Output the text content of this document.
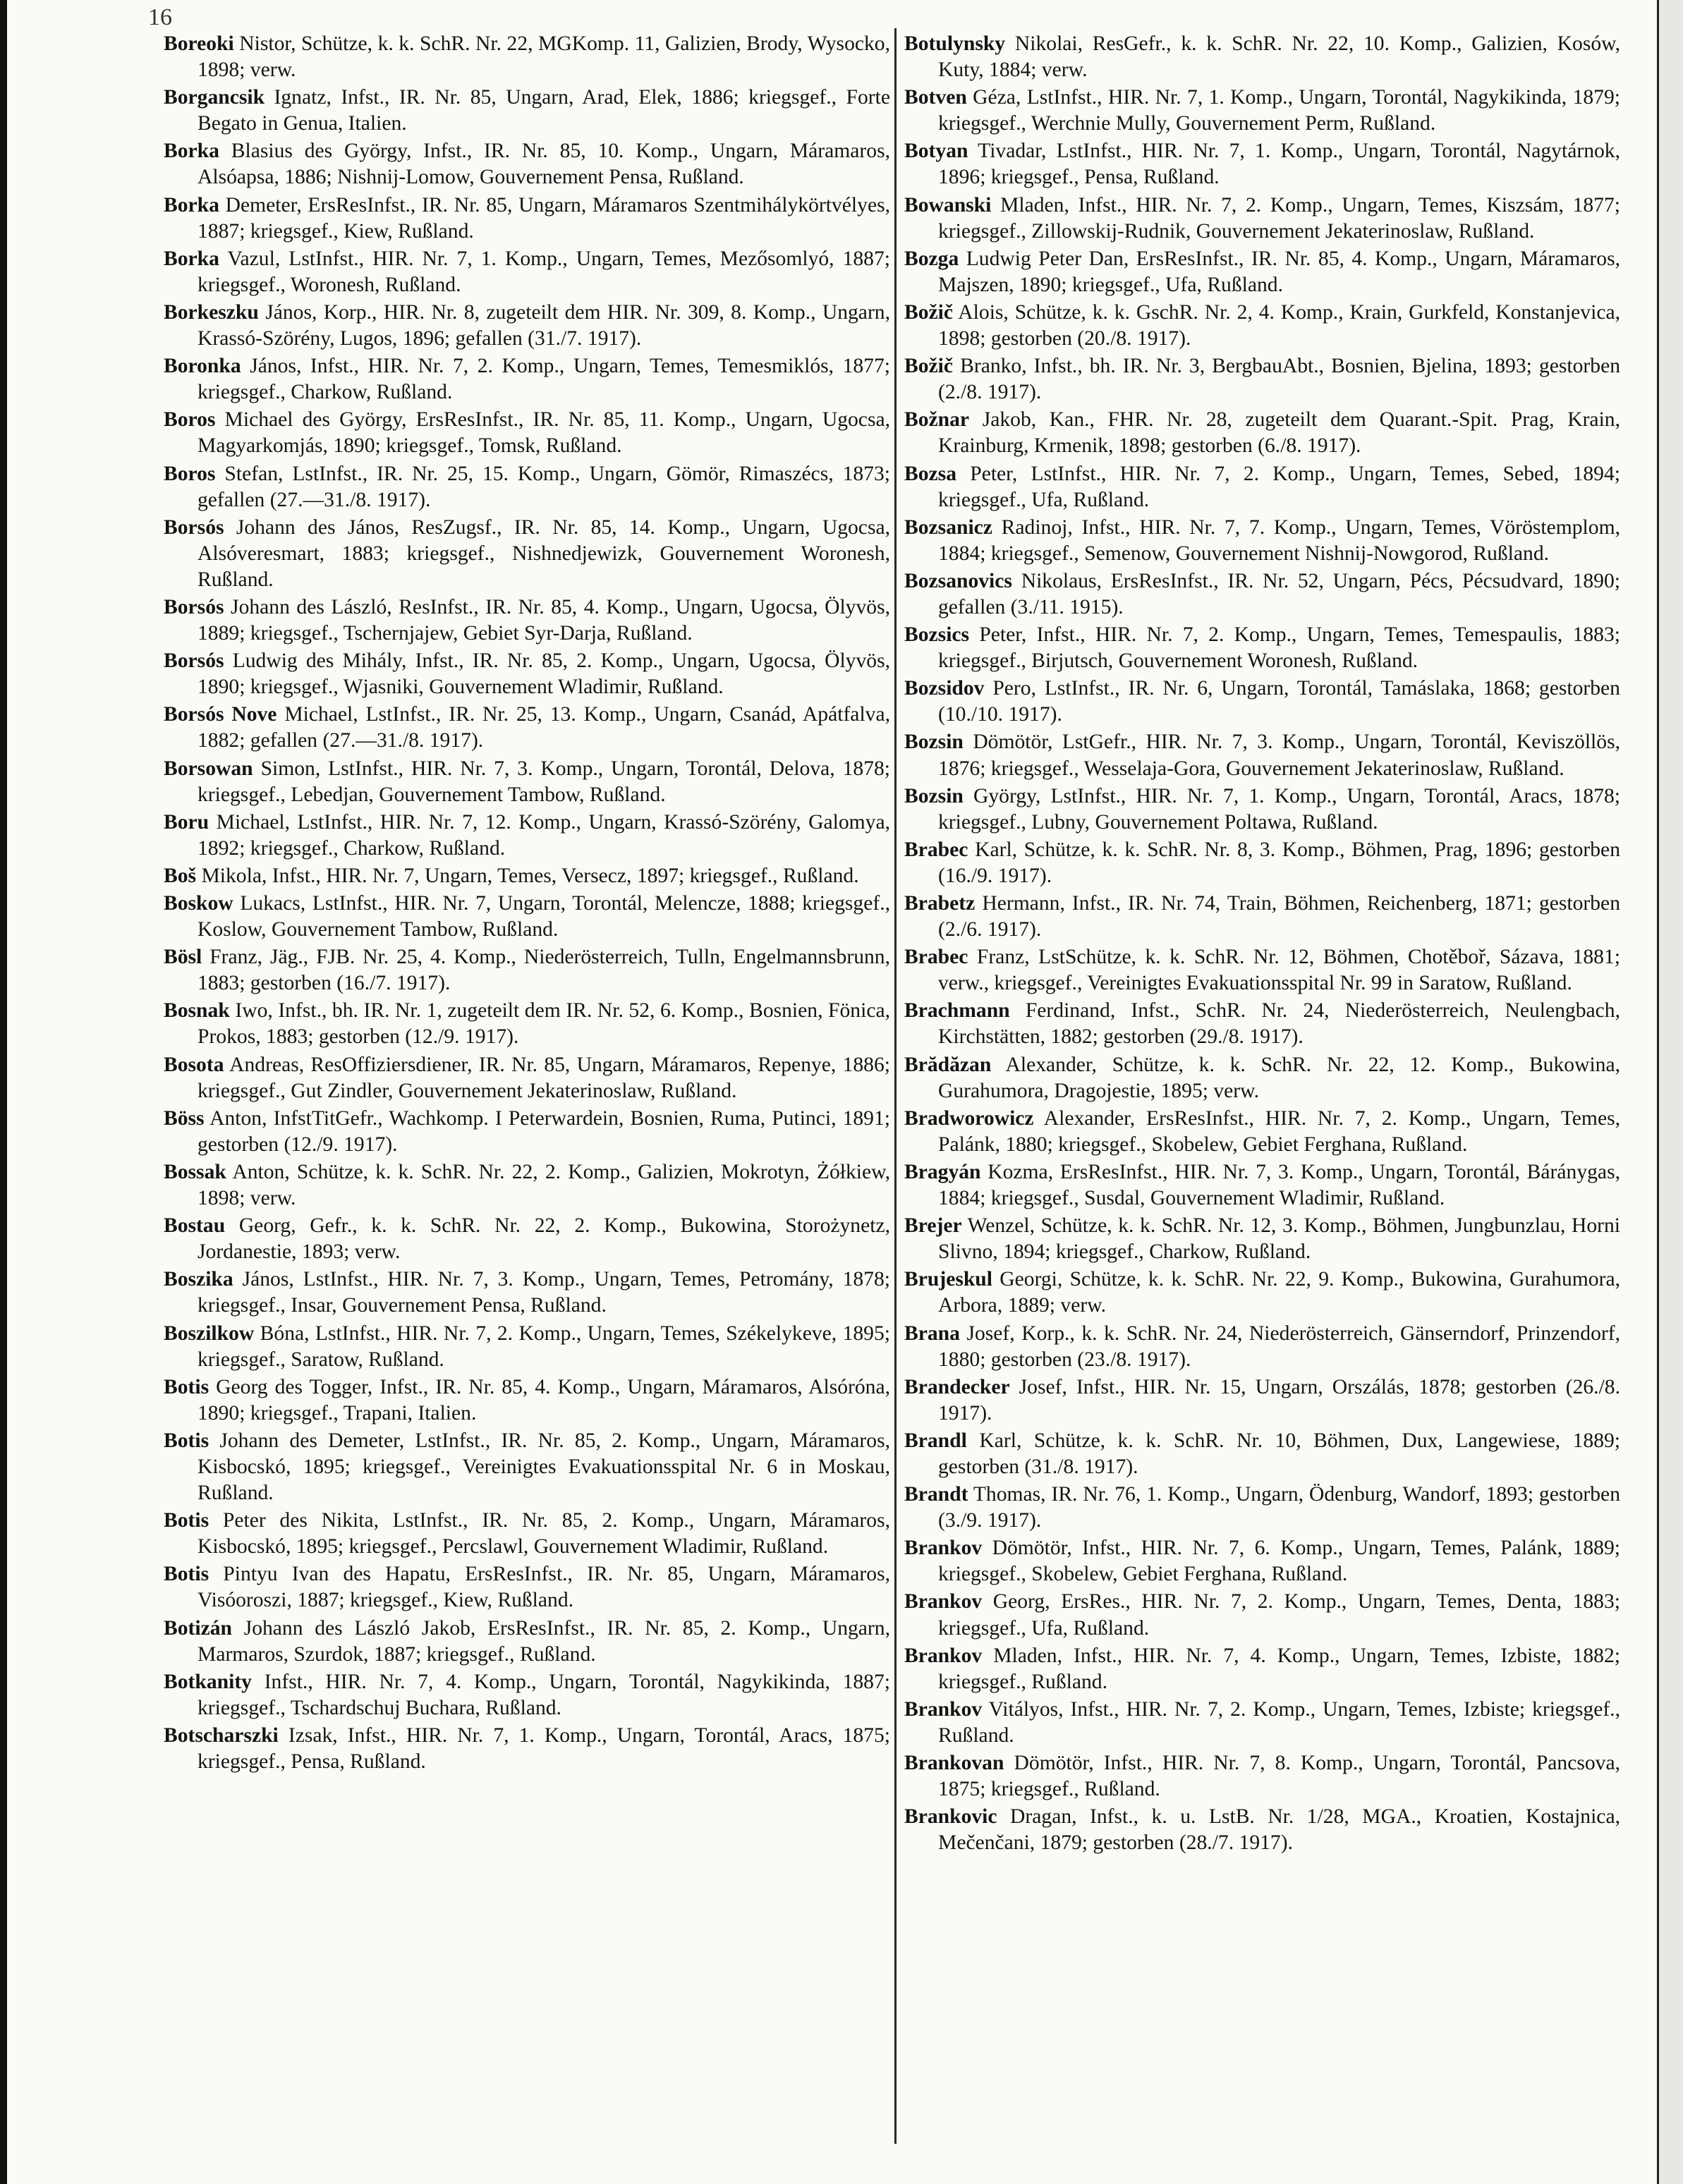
16

Boreoki Nistor, Schütze, k. k. SchR. Nr. 22, MGKomp. 11, Galizien, Brody, Wysocko, 1898; verw.

Borgancsik Ignatz, Infst., IR. Nr. 85, Ungarn, Arad, Elek, 1886; kriegsgef., Forte Begato in Genua, Italien.

Borka Blasius des György, Infst., IR. Nr. 85, 10. Komp., Ungarn, Máramaros, Alsóapsa, 1886; Nishnij-Lomow, Gouvernement Pensa, Rußland.

Borka Demeter, ErsResInfst., IR. Nr. 85, Ungarn, Máramaros Szentmihálykörtvélyes, 1887; kriegsgef., Kiew, Rußland.

Borka Vazul, LstInfst., HIR. Nr. 7, 1. Komp., Ungarn, Temes, Mezősomlyó, 1887; kriegsgef., Woronesh, Rußland.

Borkeszku János, Korp., HIR. Nr. 8, zugeteilt dem HIR. Nr. 309, 8. Komp., Ungarn, Krassó-Szörény, Lugos, 1896; gefallen (31./7. 1917).

Boronka János, Infst., HIR. Nr. 7, 2. Komp., Ungarn, Temes, Temesmiklós, 1877; kriegsgef., Charkow, Rußland.

Boros Michael des György, ErsResInfst., IR. Nr. 85, 11. Komp., Ungarn, Ugocsa, Magyarkomjás, 1890; kriegsgef., Tomsk, Rußland.

Boros Stefan, LstInfst., IR. Nr. 25, 15. Komp., Ungarn, Gömör, Rimaszécs, 1873; gefallen (27.—31./8. 1917).

Borsós Johann des János, ResZugsf., IR. Nr. 85, 14. Komp., Ungarn, Ugocsa, Alsóveresmart, 1883; kriegsgef., Nishnedjewizk, Gouvernement Woronesh, Rußland.

Borsós Johann des László, ResInfst., IR. Nr. 85, 4. Komp., Ungarn, Ugocsa, Ölyvös, 1889; kriegsgef., Tschernjajew, Gebiet Syr-Darja, Rußland.

Borsós Ludwig des Mihály, Infst., IR. Nr. 85, 2. Komp., Ungarn, Ugocsa, Ölyvös, 1890; kriegsgef., Wjasniki, Gouvernement Wladimir, Rußland.

Borsós Nove Michael, LstInfst., IR. Nr. 25, 13. Komp., Ungarn, Csanád, Apátfalva, 1882; gefallen (27.—31./8. 1917).

Borsowan Simon, LstInfst., HIR. Nr. 7, 3. Komp., Ungarn, Torontál, Delova, 1878; kriegsgef., Lebedjan, Gouvernement Tambow, Rußland.

Boru Michael, LstInfst., HIR. Nr. 7, 12. Komp., Ungarn, Krassó-Szörény, Galomya, 1892; kriegsgef., Charkow, Rußland.

Boš Mikola, Infst., HIR. Nr. 7, Ungarn, Temes, Versecz, 1897; kriegsgef., Rußland.

Boskow Lukacs, LstInfst., HIR. Nr. 7, Ungarn, Torontál, Melencze, 1888; kriegsgef., Koslow, Gouvernement Tambow, Rußland.

Bösl Franz, Jäg., FJB. Nr. 25, 4. Komp., Niederösterreich, Tulln, Engelmannsbrunn, 1883; gestorben (16./7. 1917).

Bosnak Iwo, Infst., bh. IR. Nr. 1, zugeteilt dem IR. Nr. 52, 6. Komp., Bosnien, Fönica, Prokos, 1883; gestorben (12./9. 1917).

Bosota Andreas, ResOffiziersdiener, IR. Nr. 85, Ungarn, Máramaros, Repenye, 1886; kriegsgef., Gut Zindler, Gouvernement Jekaterinoslaw, Rußland.

Böss Anton, InfstTitGefr., Wachkomp. I Peterwardein, Bosnien, Ruma, Putinci, 1891; gestorben (12./9. 1917).

Bossak Anton, Schütze, k. k. SchR. Nr. 22, 2. Komp., Galizien, Mokrotyn, Żółkiew, 1898; verw.

Bostau Georg, Gefr., k. k. SchR. Nr. 22, 2. Komp., Bukowina, Storożynetz, Jordanestie, 1893; verw.

Boszika János, LstInfst., HIR. Nr. 7, 3. Komp., Ungarn, Temes, Petromány, 1878; kriegsgef., Insar, Gouvernement Pensa, Rußland.

Boszilkow Bóna, LstInfst., HIR. Nr. 7, 2. Komp., Ungarn, Temes, Székelykeve, 1895; kriegsgef., Saratow, Rußland.

Botis Georg des Togger, Infst., IR. Nr. 85, 4. Komp., Ungarn, Máramaros, Alsóróna, 1890; kriegsgef., Trapani, Italien.

Botis Johann des Demeter, LstInfst., IR. Nr. 85, 2. Komp., Ungarn, Máramaros, Kisbocskó, 1895; kriegsgef., Vereinigtes Evakuationsspital Nr. 6 in Moskau, Rußland.

Botis Peter des Nikita, LstInfst., IR. Nr. 85, 2. Komp., Ungarn, Máramaros, Kisbocskó, 1895; kriegsgef., Percslawl, Gouvernement Wladimir, Rußland.

Botis Pintyu Ivan des Hapatu, ErsResInfst., IR. Nr. 85, Ungarn, Máramaros, Visóoroszi, 1887; kriegsgef., Kiew, Rußland.

Botizán Johann des László Jakob, ErsResInfst., IR. Nr. 85, 2. Komp., Ungarn, Marmaros, Szurdok, 1887; kriegsgef., Rußland.

Botkanity Infst., HIR. Nr. 7, 4. Komp., Ungarn, Torontál, Nagykikinda, 1887; kriegsgef., Tschardschuj Buchara, Rußland.

Botscharszki Izsak, Infst., HIR. Nr. 7, 1. Komp., Ungarn, Torontál, Aracs, 1875; kriegsgef., Pensa, Rußland.

Botulynsky Nikolai, ResGefr., k. k. SchR. Nr. 22, 10. Komp., Galizien, Kosów, Kuty, 1884; verw.

Botven Géza, LstInfst., HIR. Nr. 7, 1. Komp., Ungarn, Torontál, Nagykikinda, 1879; kriegsgef., Werchnie Mully, Gouvernement Perm, Rußland.

Botyan Tivadar, LstInfst., HIR. Nr. 7, 1. Komp., Ungarn, Torontál, Nagytárnok, 1896; kriegsgef., Pensa, Rußland.

Bowanski Mladen, Infst., HIR. Nr. 7, 2. Komp., Ungarn, Temes, Kiszsám, 1877; kriegsgef., Zillowskij-Rudnik, Gouvernement Jekaterinoslaw, Rußland.

Bozga Ludwig Peter Dan, ErsResInfst., IR. Nr. 85, 4. Komp., Ungarn, Máramaros, Majszen, 1890; kriegsgef., Ufa, Rußland.

Božič Alois, Schütze, k. k. GschR. Nr. 2, 4. Komp., Krain, Gurkfeld, Konstanjevica, 1898; gestorben (20./8. 1917).

Božič Branko, Infst., bh. IR. Nr. 3, BergbauAbt., Bosnien, Bjelina, 1893; gestorben (2./8. 1917).

Božnar Jakob, Kan., FHR. Nr. 28, zugeteilt dem Quarant.-Spit. Prag, Krain, Krainburg, Krmenik, 1898; gestorben (6./8. 1917).

Bozsa Peter, LstInfst., HIR. Nr. 7, 2. Komp., Ungarn, Temes, Sebed, 1894; kriegsgef., Ufa, Rußland.

Bozsanicz Radinoj, Infst., HIR. Nr. 7, 7. Komp., Ungarn, Temes, Vöröstemplom, 1884; kriegsgef., Semenow, Gouvernement Nishnij-Nowgorod, Rußland.

Bozsanovics Nikolaus, ErsResInfst., IR. Nr. 52, Ungarn, Pécs, Pécsudvard, 1890; gefallen (3./11. 1915).

Bozsics Peter, Infst., HIR. Nr. 7, 2. Komp., Ungarn, Temes, Temespaulis, 1883; kriegsgef., Birjutsch, Gouvernement Woronesh, Rußland.

Bozsidov Pero, LstInfst., IR. Nr. 6, Ungarn, Torontál, Tamáslaka, 1868; gestorben (10./10. 1917).

Bozsin Dömötör, LstGefr., HIR. Nr. 7, 3. Komp., Ungarn, Torontál, Keviszöllös, 1876; kriegsgef., Wesselaja-Gora, Gouvernement Jekaterinoslaw, Rußland.

Bozsin György, LstInfst., HIR. Nr. 7, 1. Komp., Ungarn, Torontál, Aracs, 1878; kriegsgef., Lubny, Gouvernement Poltawa, Rußland.

Brabec Karl, Schütze, k. k. SchR. Nr. 8, 3. Komp., Böhmen, Prag, 1896; gestorben (16./9. 1917).

Brabetz Hermann, Infst., IR. Nr. 74, Train, Böhmen, Reichenberg, 1871; gestorben (2./6. 1917).

Brabec Franz, LstSchütze, k. k. SchR. Nr. 12, Böhmen, Chotěboř, Sázava, 1881; verw., kriegsgef., Vereinigtes Evakuationsspital Nr. 99 in Saratow, Rußland.

Brachmann Ferdinand, Infst., SchR. Nr. 24, Niederösterreich, Neulengbach, Kirchstätten, 1882; gestorben (29./8. 1917).

Brădăzan Alexander, Schütze, k. k. SchR. Nr. 22, 12. Komp., Bukowina, Gurahumora, Dragojestie, 1895; verw.

Bradworowicz Alexander, ErsResInfst., HIR. Nr. 7, 2. Komp., Ungarn, Temes, Palánk, 1880; kriegsgef., Skobelew, Gebiet Ferghana, Rußland.

Bragyán Kozma, ErsResInfst., HIR. Nr. 7, 3. Komp., Ungarn, Torontál, Báránygas, 1884; kriegsgef., Susdal, Gouvernement Wladimir, Rußland.

Brejer Wenzel, Schütze, k. k. SchR. Nr. 12, 3. Komp., Böhmen, Jungbunzlau, Horni Slivno, 1894; kriegsgef., Charkow, Rußland.

Brujeskul Georgi, Schütze, k. k. SchR. Nr. 22, 9. Komp., Bukowina, Gurahumora, Arbora, 1889; verw.

Brana Josef, Korp., k. k. SchR. Nr. 24, Niederösterreich, Gänserndorf, Prinzendorf, 1880; gestorben (23./8. 1917).

Brandecker Josef, Infst., HIR. Nr. 15, Ungarn, Orszálás, 1878; gestorben (26./8. 1917).

Brandl Karl, Schütze, k. k. SchR. Nr. 10, Böhmen, Dux, Langewiese, 1889; gestorben (31./8. 1917).

Brandt Thomas, IR. Nr. 76, 1. Komp., Ungarn, Ödenburg, Wandorf, 1893; gestorben (3./9. 1917).

Brankov Dömötör, Infst., HIR. Nr. 7, 6. Komp., Ungarn, Temes, Palánk, 1889; kriegsgef., Skobelew, Gebiet Ferghana, Rußland.

Brankov Georg, ErsRes., HIR. Nr. 7, 2. Komp., Ungarn, Temes, Denta, 1883; kriegsgef., Ufa, Rußland.

Brankov Mladen, Infst., HIR. Nr. 7, 4. Komp., Ungarn, Temes, Izbiste, 1882; kriegsgef., Rußland.

Brankov Vitályos, Infst., HIR. Nr. 7, 2. Komp., Ungarn, Temes, Izbiste; kriegsgef., Rußland.

Brankovan Dömötör, Infst., HIR. Nr. 7, 8. Komp., Ungarn, Torontál, Pancsova, 1875; kriegsgef., Rußland.

Brankovic Dragan, Infst., k. u. LstB. Nr. 1/28, MGA., Kroatien, Kostajnica, Mečenčani, 1879; gestorben (28./7. 1917).
